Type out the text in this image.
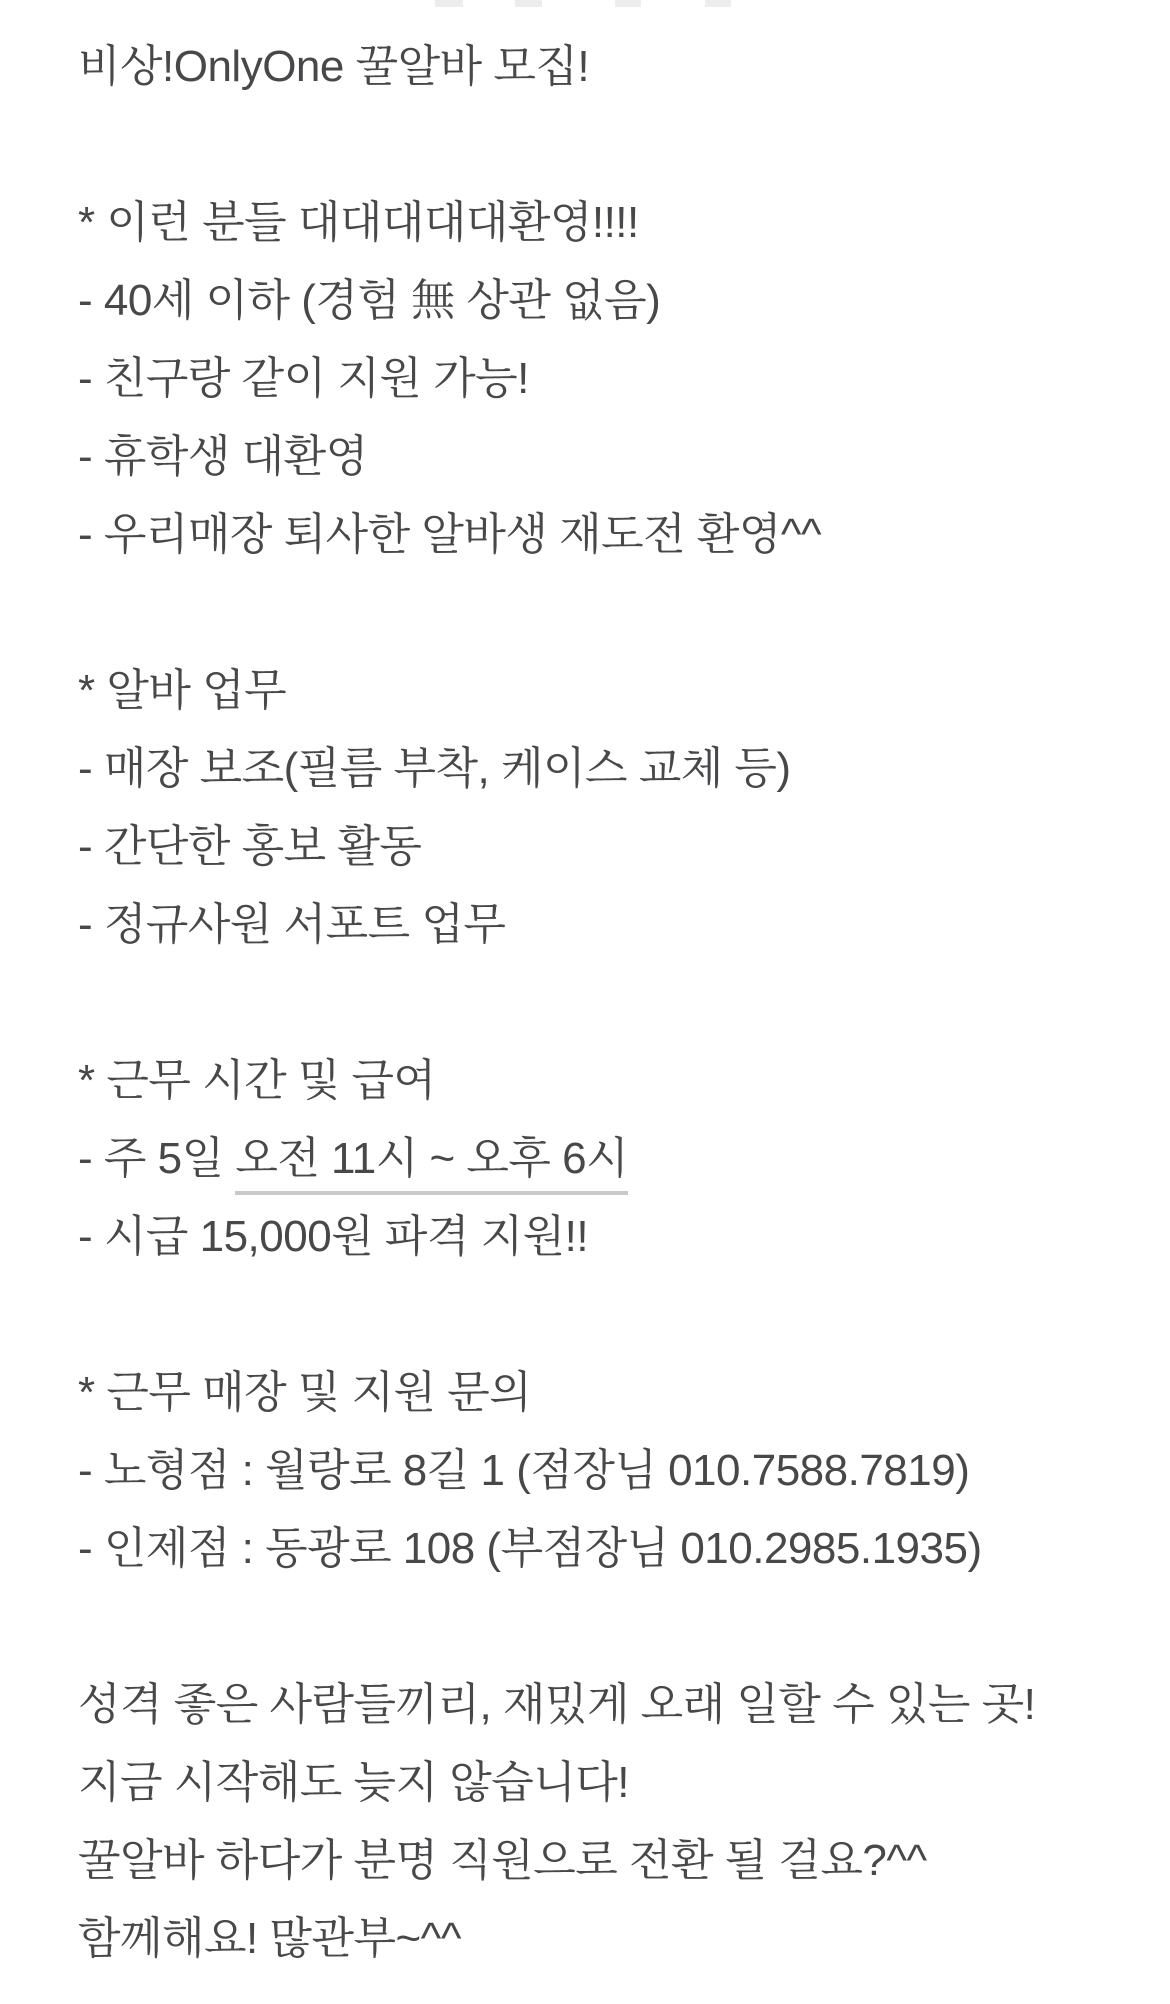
비상!OnlyOne 꿀알바 모집!
* 이런 분들 대대대대대환영!!!!
- 40세 이하 (경험 無 상관 없음)
- 친구랑 같이 지원 가능!
- 휴학생 대환영
- 우리매장 퇴사한 알바생 재도전 환영^^
* 알바 업무
- 매장 보조(필름 부착, 케이스 교체 등)
- 간단한 홍보 활동
- 정규사원 서포트 업무
* 근무 시간 및 급여
- 주 5일 오전 11시 ~ 오후 6시
- 시급 15,000원 파격 지원!!
* 근무 매장 및 지원 문의
- 노형점 : 월랑로 8길 1 (점장님 010.7588.7819)
- 인제점 : 동광로 108 (부점장님 010.2985.1935)
성격 좋은 사람들끼리, 재밌게 오래 일할 수 있는 곳!
지금 시작해도 늦지 않습니다!
꿀알바 하다가 분명 직원으로 전환 될 걸요?^^
함께해요! 많관부~^^
